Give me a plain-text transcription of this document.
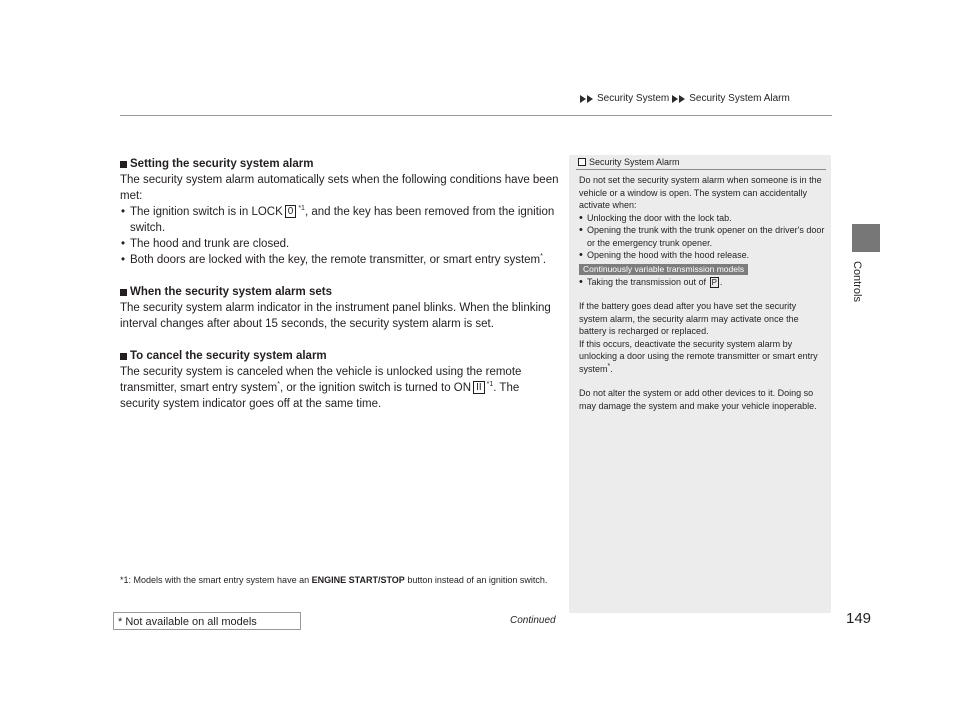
Security System Security System Alarm
Controls

Setting the security system alarm

The security system alarm automatically sets when the following conditions have been met:

• The ignition switch is in LOCK 0 $^{*1}$, and the key has been removed from the ignition switch.
• The hood and trunk are closed.
• Both doors are locked with the key, the remote transmitter, or smart entry system*.

When the security system alarm sets

The security system alarm indicator in the instrument panel blinks. When the blinking interval changes after about 15 seconds, the security system alarm is set.

To cancel the security system alarm

The security system is canceled when the vehicle is unlocked using the remote transmitter, smart entry system*, or the ignition switch is turned to ON II $^{*1}$. The security system indicator goes off at the same time.

*1: Models with the smart entry system have an ENGINE START/STOP button instead of an ignition switch.
Security System Alarm

Do not set the security system alarm when someone is in the vehicle or a window is open. The system can accidentally activate when:

• Unlocking the door with the lock tab.
• Opening the trunk with the trunk opener on the driver's door or the emergency trunk opener.
• Opening the hood with the hood release.
Continuously variable transmission models
• Taking the transmission out of P .

If the battery goes dead after you have set the security system alarm, the security alarm may activate once the battery is recharged or replaced.

If this occurs, deactivate the security system alarm by unlocking a door using the remote transmitter or smart entry system*.

Do not alter the system or add other devices to it. Doing so may damage the system and make your vehicle inoperable.

Continued	149
* Not available on all models
